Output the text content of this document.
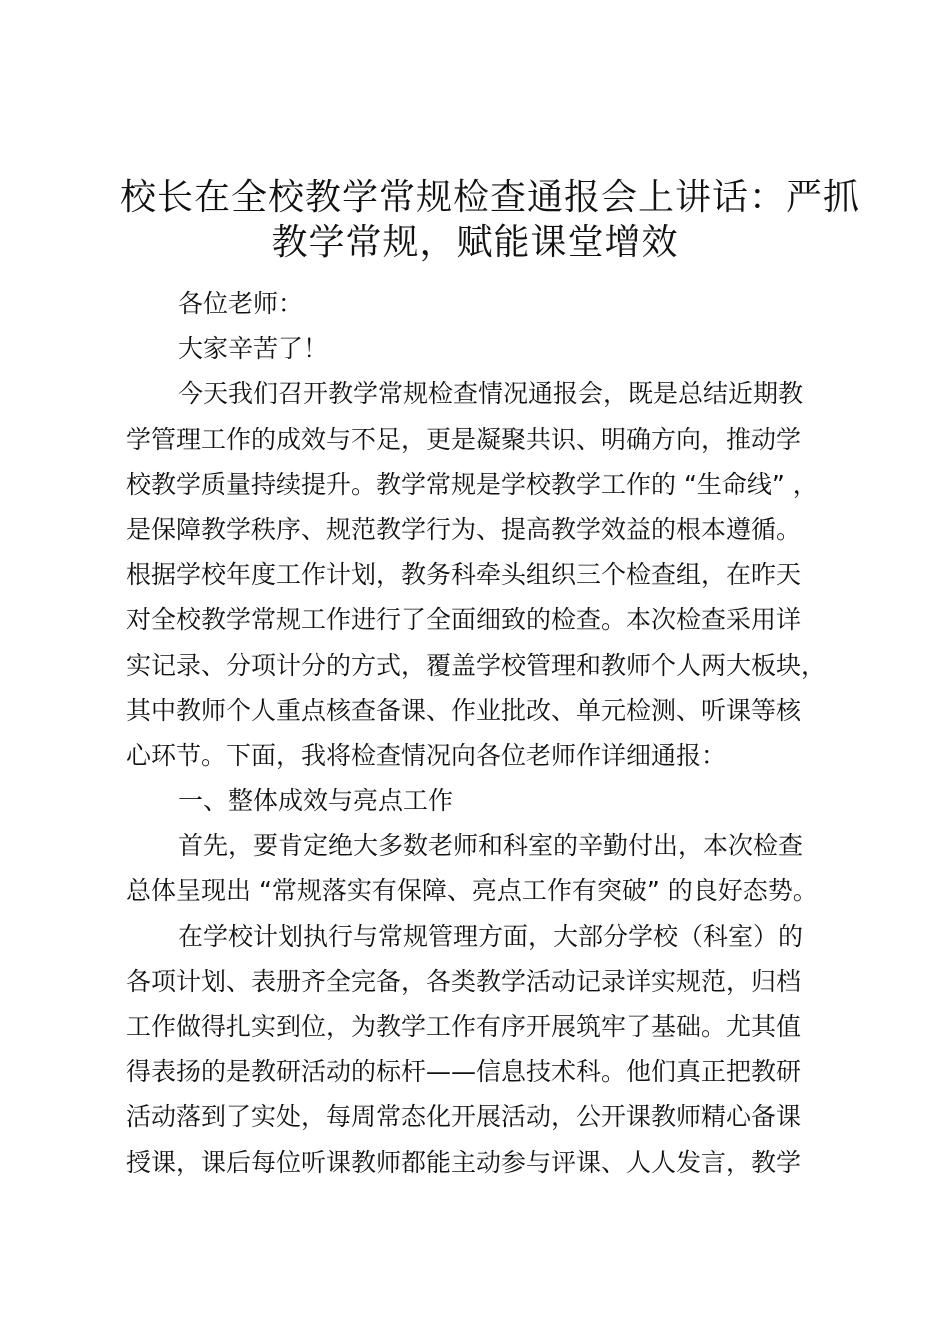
校长在全校教学常规检查通报会上讲话：严抓
教学常规，赋能课堂增效
各位老师：
大家辛苦了！
今天我们召开教学常规检查情况通报会，既是总结近期教
学管理工作的成效与不足，更是凝聚共识、明确方向，推动学
校教学质量持续提升。教学常规是学校教学工作的 “生命线” ，
是保障教学秩序、规范教学行为、提高教学效益的根本遵循。
根据学校年度工作计划，教务科牵头组织三个检查组，在昨天
对全校教学常规工作进行了全面细致的检查。本次检查采用详
实记录、分项计分的方式，覆盖学校管理和教师个人两大板块，
其中教师个人重点核查备课、作业批改、单元检测、听课等核
心环节。下面，我将检查情况向各位老师作详细通报：
一、整体成效与亮点工作
首先，要肯定绝大多数老师和科室的辛勤付出，本次检查
总体呈现出 “常规落实有保障、亮点工作有突破” 的良好态势。
在学校计划执行与常规管理方面，大部分学校（科室）的
各项计划、表册齐全完备，各类教学活动记录详实规范，归档
工作做得扎实到位，为教学工作有序开展筑牢了基础。尤其值
得表扬的是教研活动的标杆——信息技术科。他们真正把教研
活动落到了实处，每周常态化开展活动，公开课教师精心备课
授课，课后每位听课教师都能主动参与评课、人人发言，教学
